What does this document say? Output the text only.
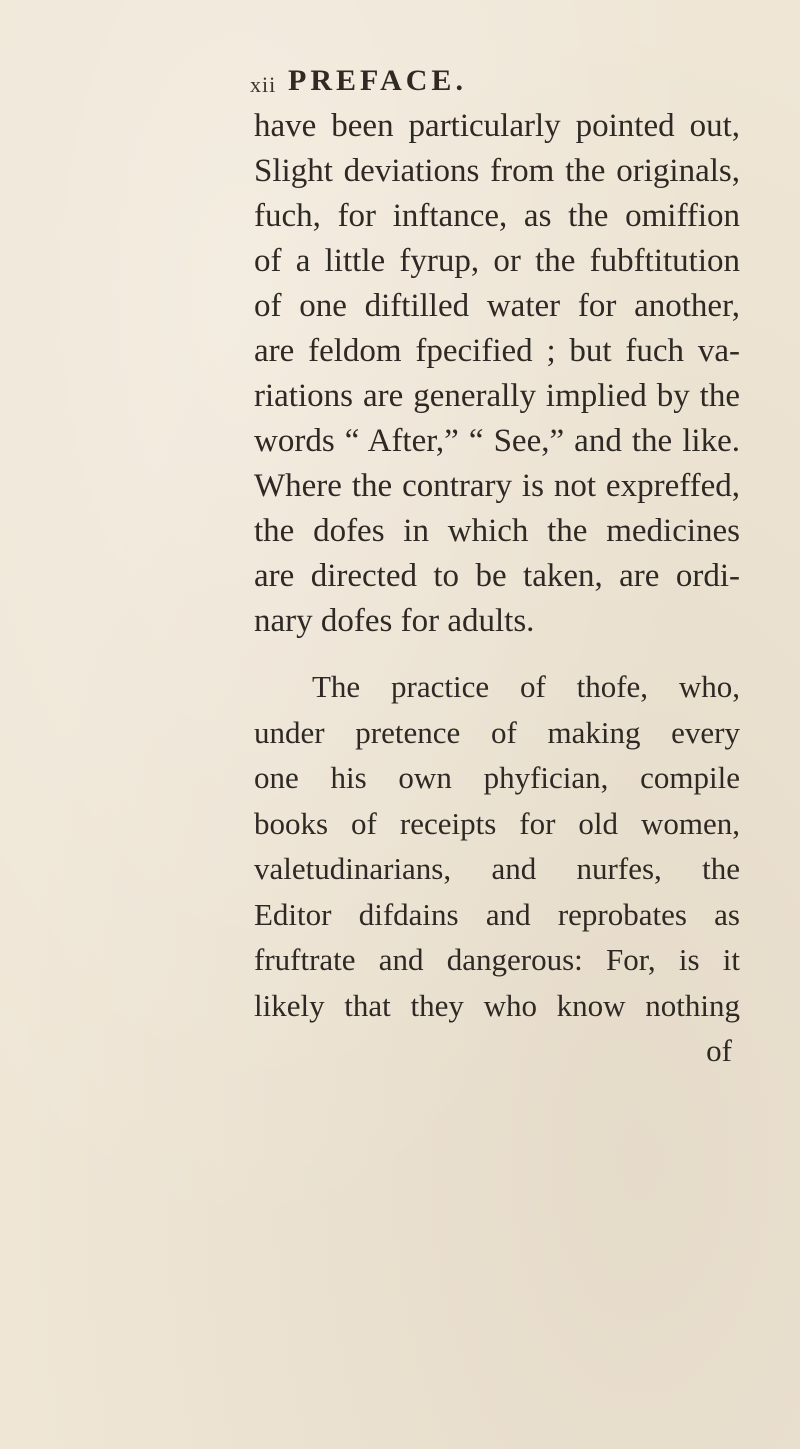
xii PREFACE.
have been particularly pointed out,
Slight deviations from the originals,
fuch, for inftance, as the omiffion
of a little fyrup, or the fubftitution
of one diftilled water for another,
are feldom fpecified ; but fuch va-
riations are generally implied by the
words “ After,” “ See,” and the like.
Where the contrary is not expreffed,
the dofes in which the medicines
are directed to be taken, are ordi-
nary dofes for adults.
The practice of thofe, who,
under pretence of making every
one his own phyfician, compile
books of receipts for old women,
valetudinarians, and nurfes, the
Editor difdains and reprobates as
fruftrate and dangerous: For, is it
likely that they who know nothing
of
